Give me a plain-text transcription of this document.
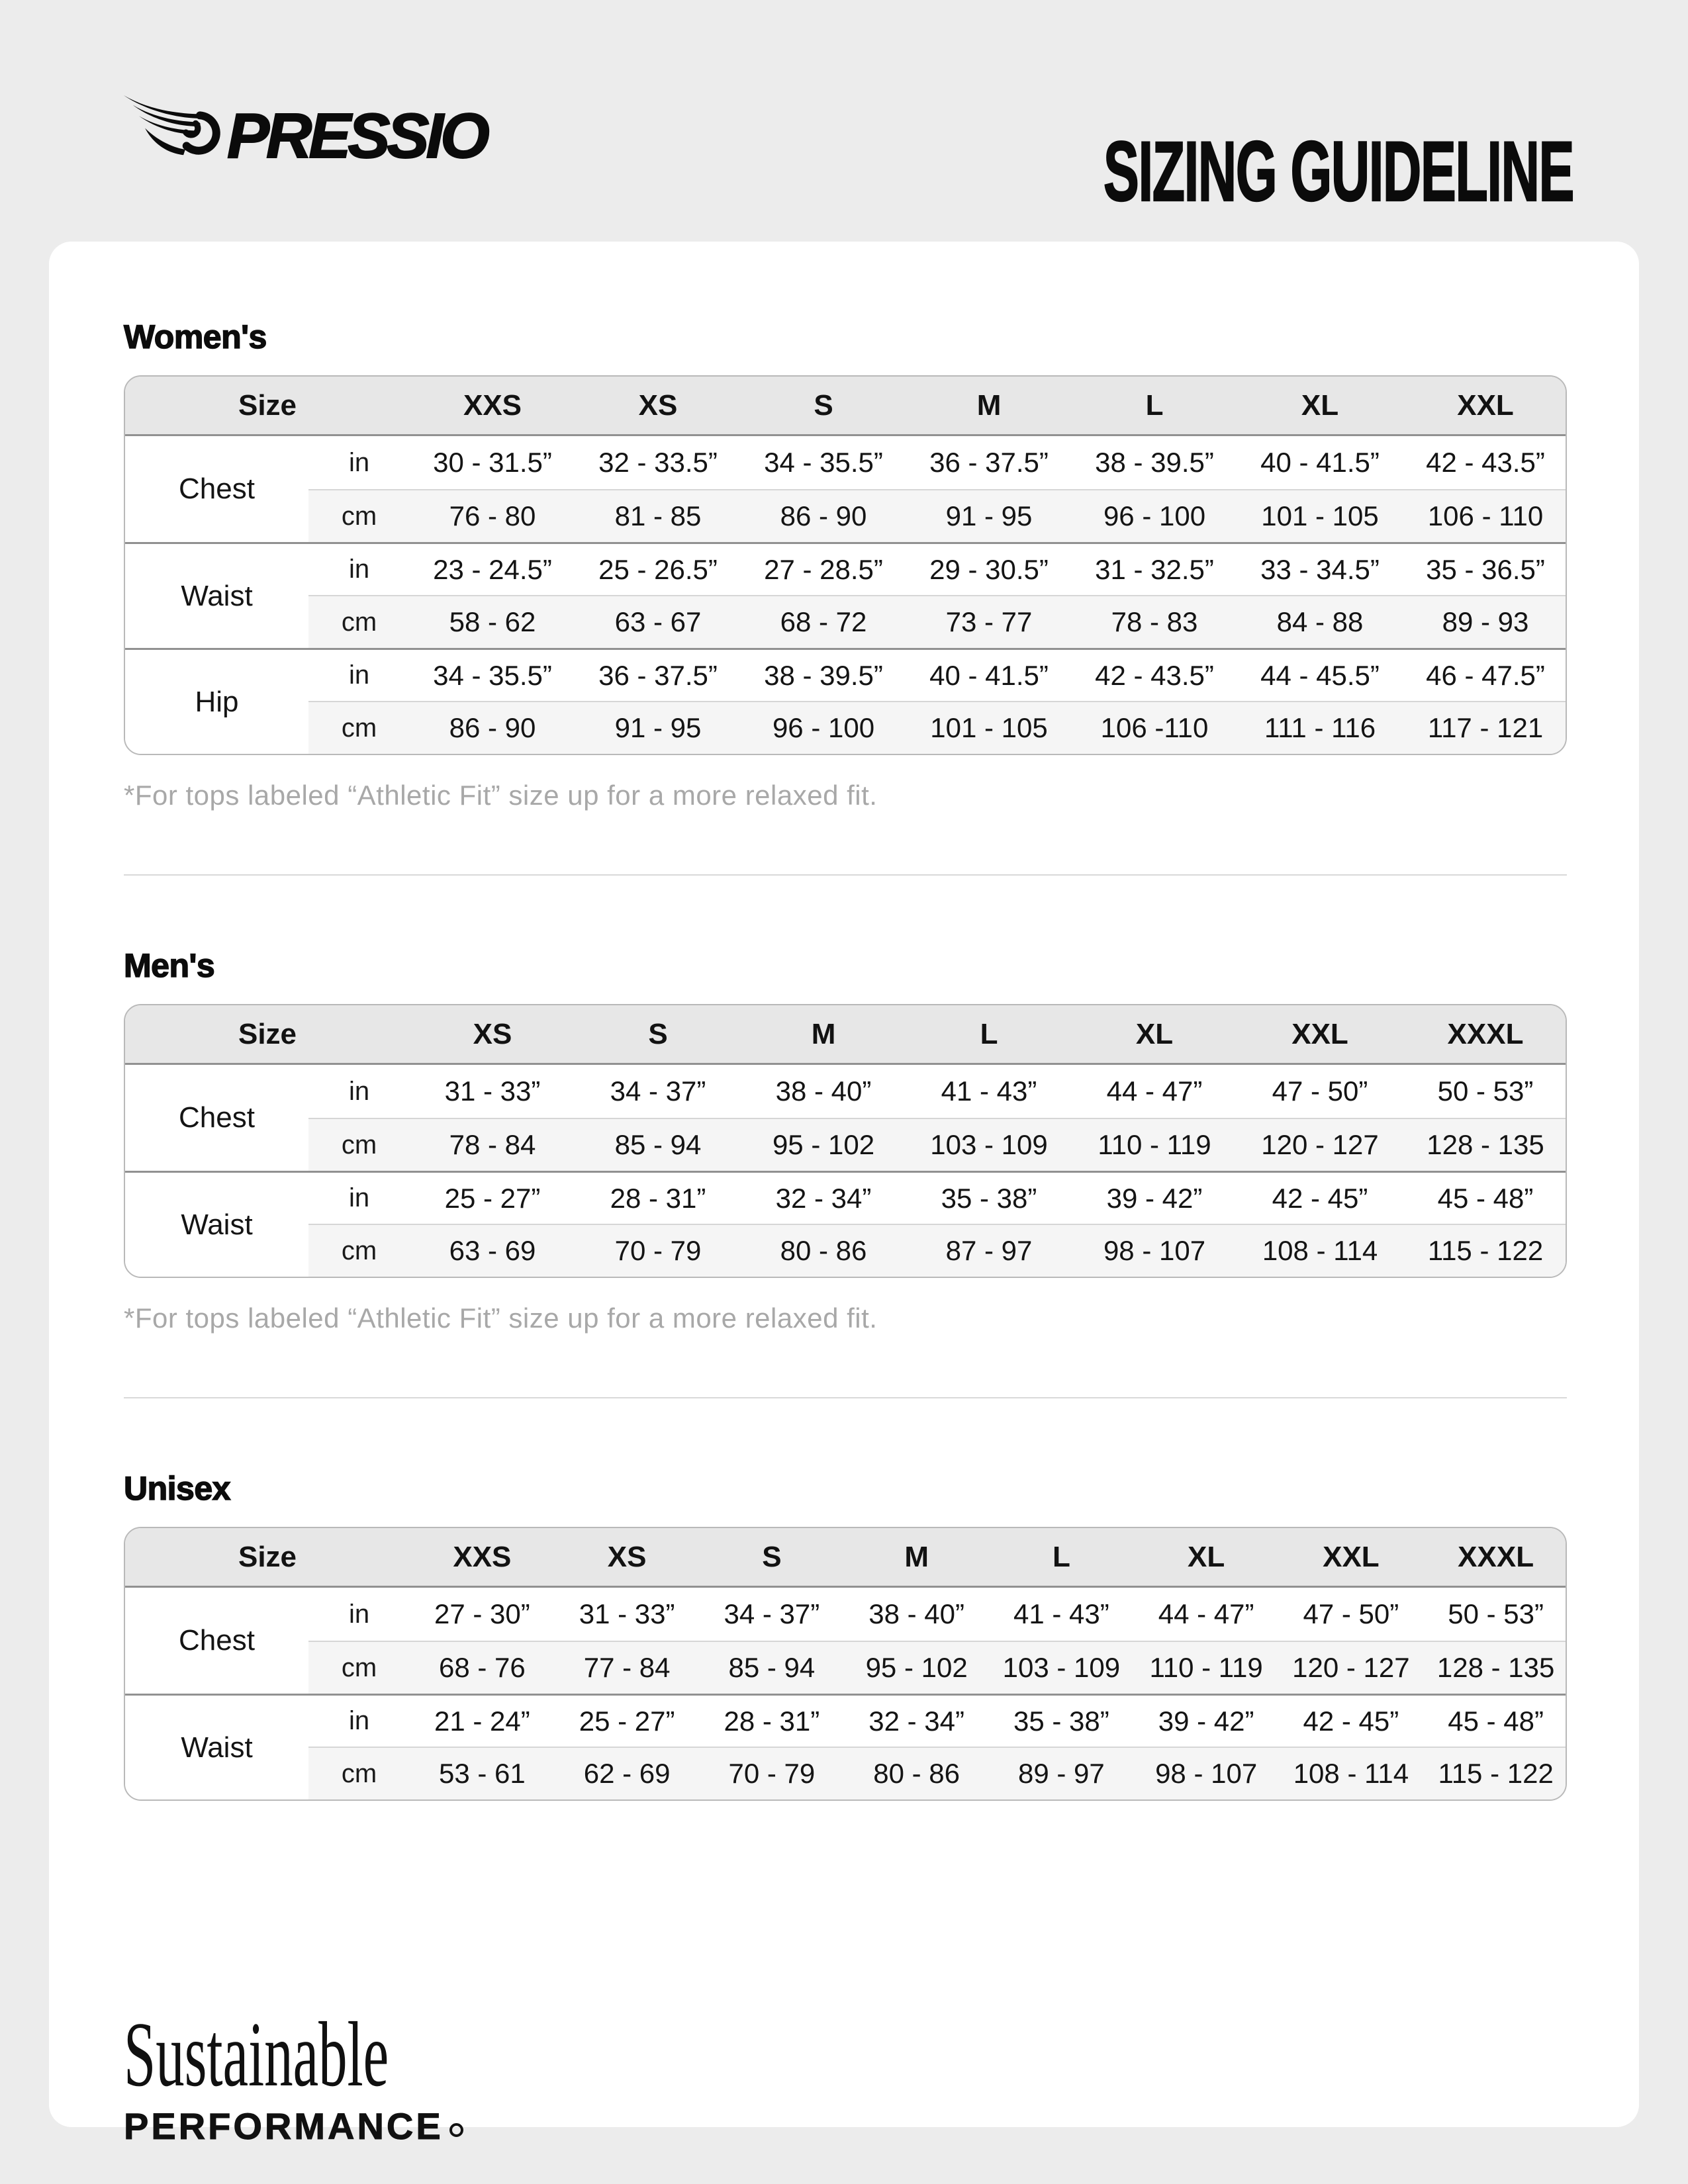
PRESSIO	SIZING GUIDELINE
Women's
Size		XXS	XS	S	M	L	XL	XXL
Chest	in	30 - 31.5”	32 - 33.5”	34 - 35.5”	36 - 37.5”	38 - 39.5”	40 - 41.5”	42 - 43.5”
	cm	76 - 80	81 - 85	86 - 90	91 - 95	96 - 100	101 - 105	106 - 110
Waist	in	23 - 24.5”	25 - 26.5”	27 - 28.5”	29 - 30.5”	31 - 32.5”	33 - 34.5”	35 - 36.5”
	cm	58 - 62	63 - 67	68 - 72	73 - 77	78 - 83	84 - 88	89 - 93
Hip	in	34 - 35.5”	36 - 37.5”	38 - 39.5”	40 - 41.5”	42 - 43.5”	44 - 45.5”	46 - 47.5”
	cm	86 - 90	91 - 95	96 - 100	101 - 105	106 -110	111 - 116	117 - 121

*For tops labeled “Athletic Fit” size up for a more relaxed fit.

Men's
Size		XS	S	M	L	XL	XXL	XXXL
Chest	in	31 - 33”	34 - 37”	38 - 40”	41 - 43”	44 - 47”	47 - 50”	50 - 53”
	cm	78 - 84	85 - 94	95 - 102	103 - 109	110 - 119	120 - 127	128 - 135
Waist	in	25 - 27”	28 - 31”	32 - 34”	35 - 38”	39 - 42”	42 - 45”	45 - 48”
	cm	63 - 69	70 - 79	80 - 86	87 - 97	98 - 107	108 - 114	115 - 122

*For tops labeled “Athletic Fit” size up for a more relaxed fit.

Unisex
Size		XXS	XS	S	M	L	XL	XXL	XXXL
Chest	in	27 - 30”	31 - 33”	34 - 37”	38 - 40”	41 - 43”	44 - 47”	47 - 50”	50 - 53”
	cm	68 - 76	77 - 84	85 - 94	95 - 102	103 - 109	110 - 119	120 - 127	128 - 135
Waist	in	21 - 24”	25 - 27”	28 - 31”	32 - 34”	35 - 38”	39 - 42”	42 - 45”	45 - 48”
	cm	53 - 61	62 - 69	70 - 79	80 - 86	89 - 97	98 - 107	108 - 114	115 - 122
Sustainable
PERFORMANCE
